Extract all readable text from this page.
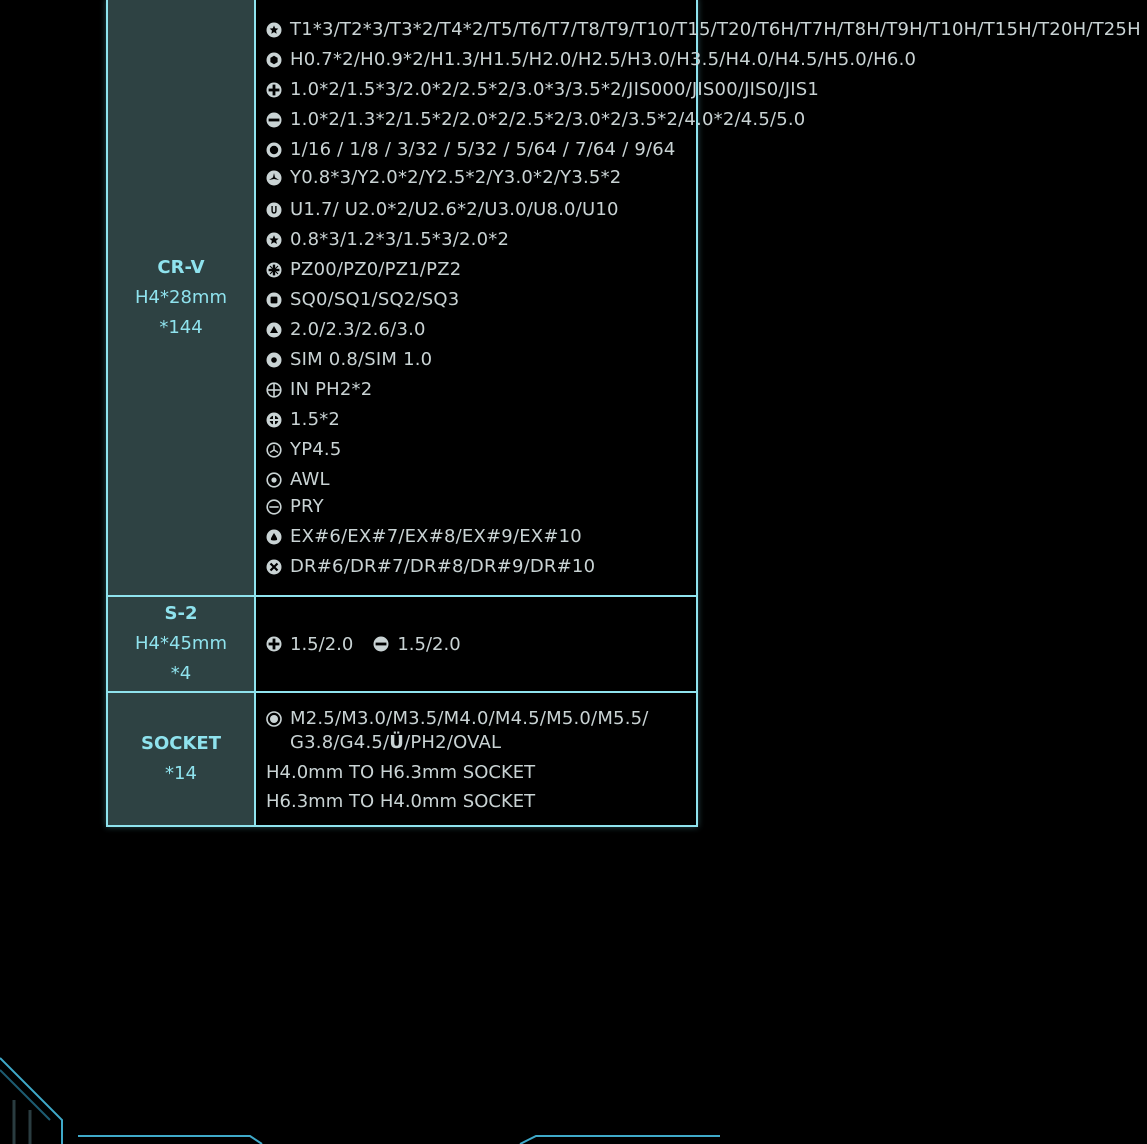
CR-V
H4*28mm
*144
T1*3/T2*3/T3*2/T4*2/T5/T6/T7/T8/T9/T10/T15/T20/T6H/T7H/T8H/T9H/T10H/T15H/T20H/T25H
H0.7*2/H0.9*2/H1.3/H1.5/H2.0/H2.5/H3.0/H3.5/H4.0/H4.5/H5.0/H6.0
1.0*2/1.5*3/2.0*2/2.5*2/3.0*3/3.5*2/JIS000/JIS00/JIS0/JIS1
1.0*2/1.3*2/1.5*2/2.0*2/2.5*2/3.0*2/3.5*2/4.0*2/4.5/5.0
1/16 / 1/8 / 3/32 / 5/32 / 5/64 / 7/64 / 9/64
Y0.8*3/Y2.0*2/Y2.5*2/Y3.0*2/Y3.5*2
U1.7/ U2.0*2/U2.6*2/U3.0/U8.0/U10
0.8*3/1.2*3/1.5*3/2.0*2
PZ00/PZ0/PZ1/PZ2
SQ0/SQ1/SQ2/SQ3
2.0/2.3/2.6/3.0
SIM 0.8/SIM 1.0
IN PH2*2
1.5*2
YP4.5
AWL
PRY
EX#6/EX#7/EX#8/EX#9/EX#10
DR#6/DR#7/DR#8/DR#9/DR#10
S-2
H4*45mm
*4
1.5/2.0 1.5/2.0
SOCKET
*14
M2.5/M3.0/M3.5/M4.0/M4.5/M5.0/M5.5/
G3.8/G4.5/Ü/PH2/OVAL
H4.0mm TO H6.3mm SOCKET
H6.3mm TO H4.0mm SOCKET
